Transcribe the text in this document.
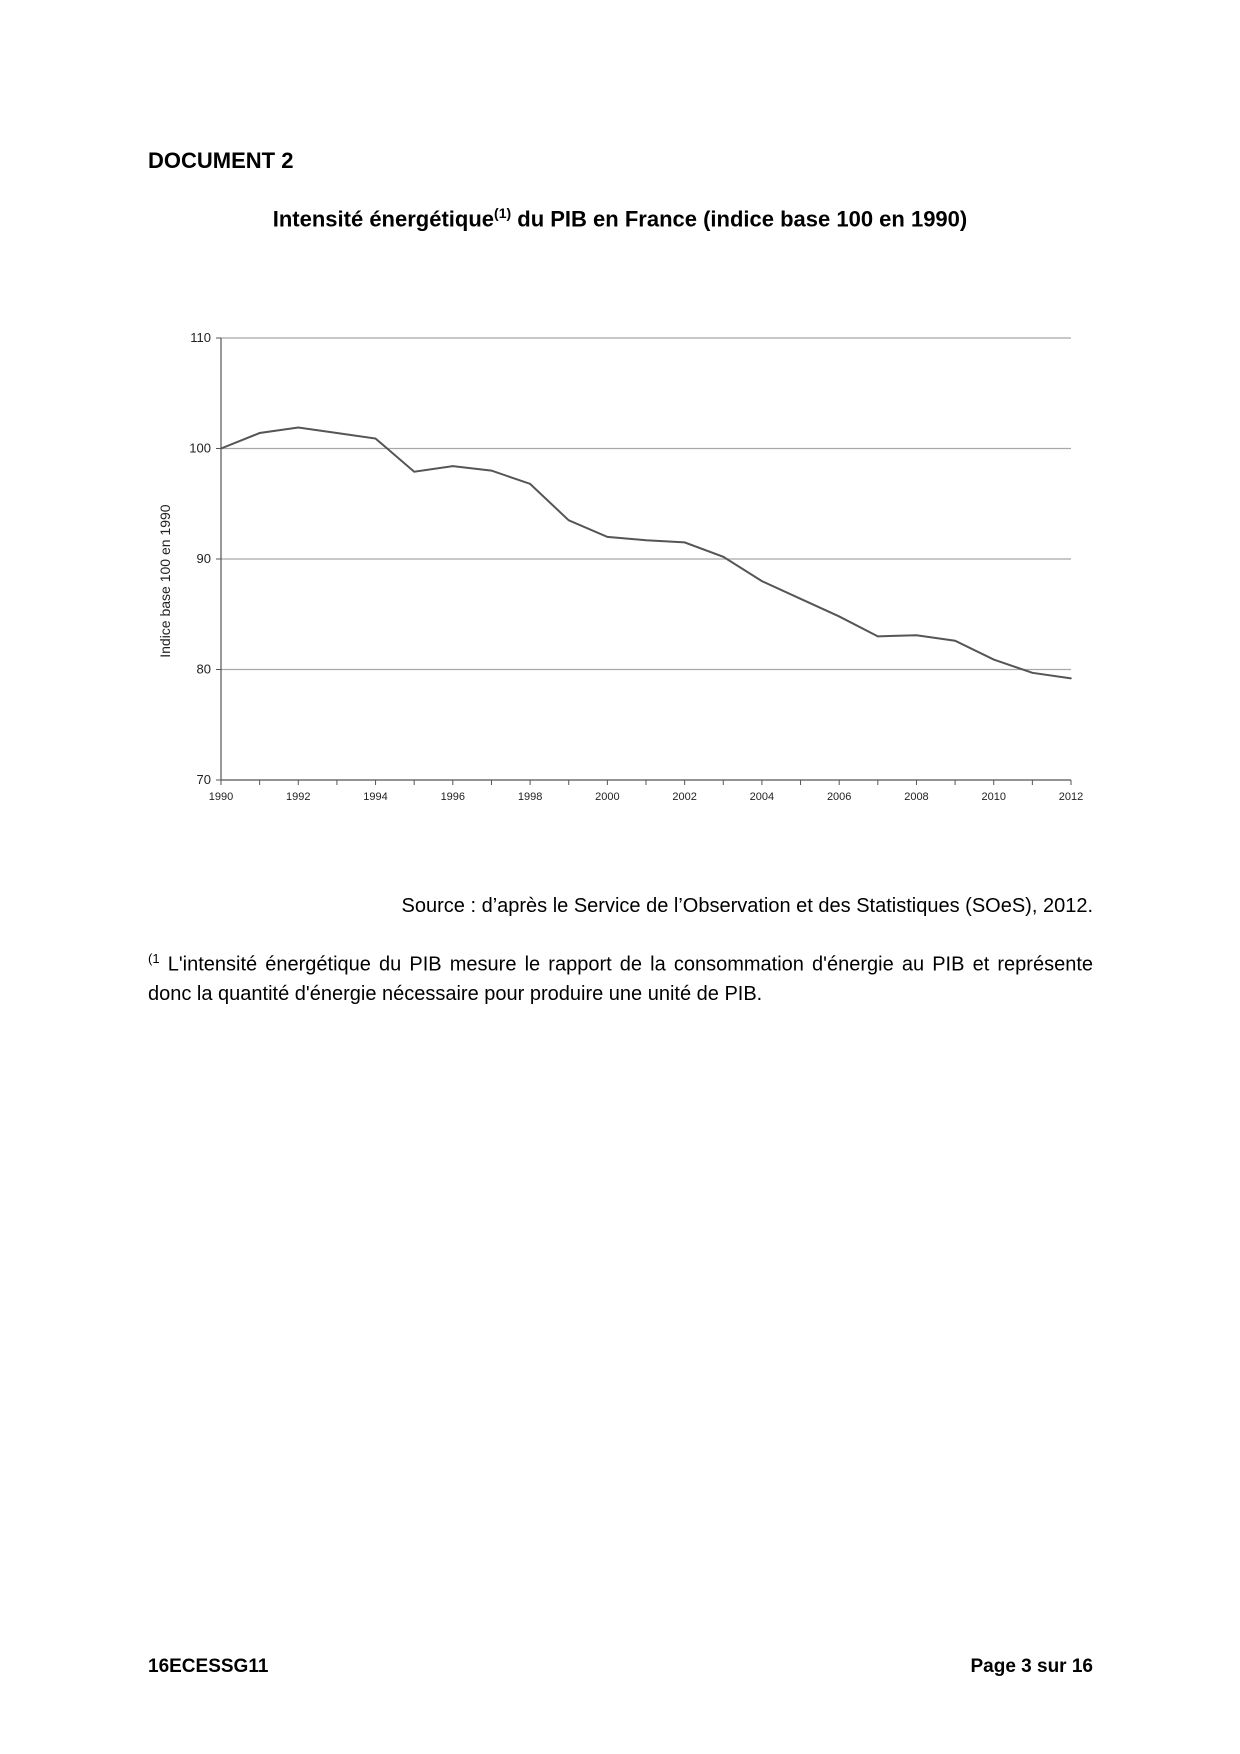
DOCUMENT 2
Intensité énergétique$^{(1)}$ du PIB en France (indice base 100 en 1990)
70
80
90
100
110
1990	1992	1994	1996	1998	2000	2002	2004	2006	2008	2010	2012
Indice base 100 en 1990
Source : d’après le Service de l’Observation et des Statistiques (SOeS), 2012.
$^{(1}$ L'intensité énergétique du PIB mesure le rapport de la consommation d'énergie au PIB et représente donc la quantité d'énergie nécessaire pour produire une unité de PIB.
16ECESSG11	Page 3 sur 16
